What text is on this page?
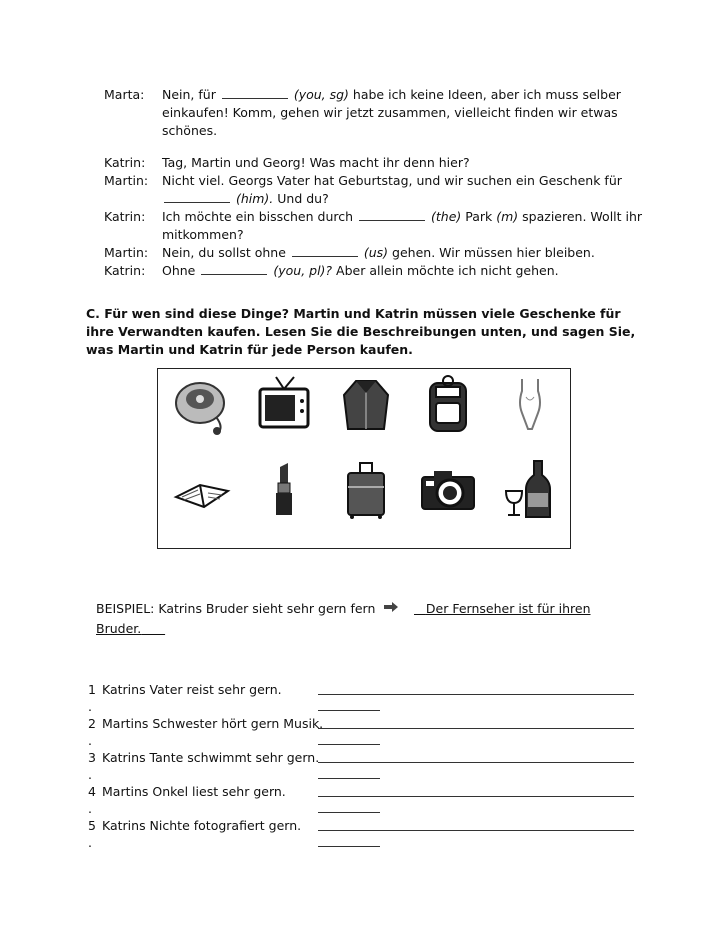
Marta:	Nein, für	(you, sg) habe ich keine Ideen, aber ich muss selber einkaufen! Komm, gehen wir jetzt zusammen, vielleicht finden wir etwas schönes.
Katrin:	Tag, Martin und Georg! Was macht ihr denn hier?
Martin:	Nicht viel. Georgs Vater hat Geburtstag, und wir suchen ein Geschenk für  (him). Und du?
Katrin:	Ich möchte ein bisschen durch	(the) Park (m) spazieren. Wollt ihr mitkommen?
Martin:	Nein, du sollst ohne	(us) gehen. Wir müssen hier bleiben.
Katrin:	Ohne	(you, pl)? Aber allein möchte ich nicht gehen.
C. Für wen sind diese Dinge? Martin und Katrin müssen viele Geschenke für ihre Verwandten kaufen. Lesen Sie die Beschreibungen unten, und sagen Sie, was Martin und Katrin für jede Person kaufen.
BEISPIEL: Katrins Bruder sieht sehr gern fern	Der Fernseher ist für ihren
Bruder.
1
.
Katrins Vater reist sehr gern.
2
.
Martins Schwester hört gern Musik.
3
.
Katrins Tante schwimmt sehr gern.
4
.
Martins Onkel liest sehr gern.
5
.
Katrins Nichte fotografiert gern.
